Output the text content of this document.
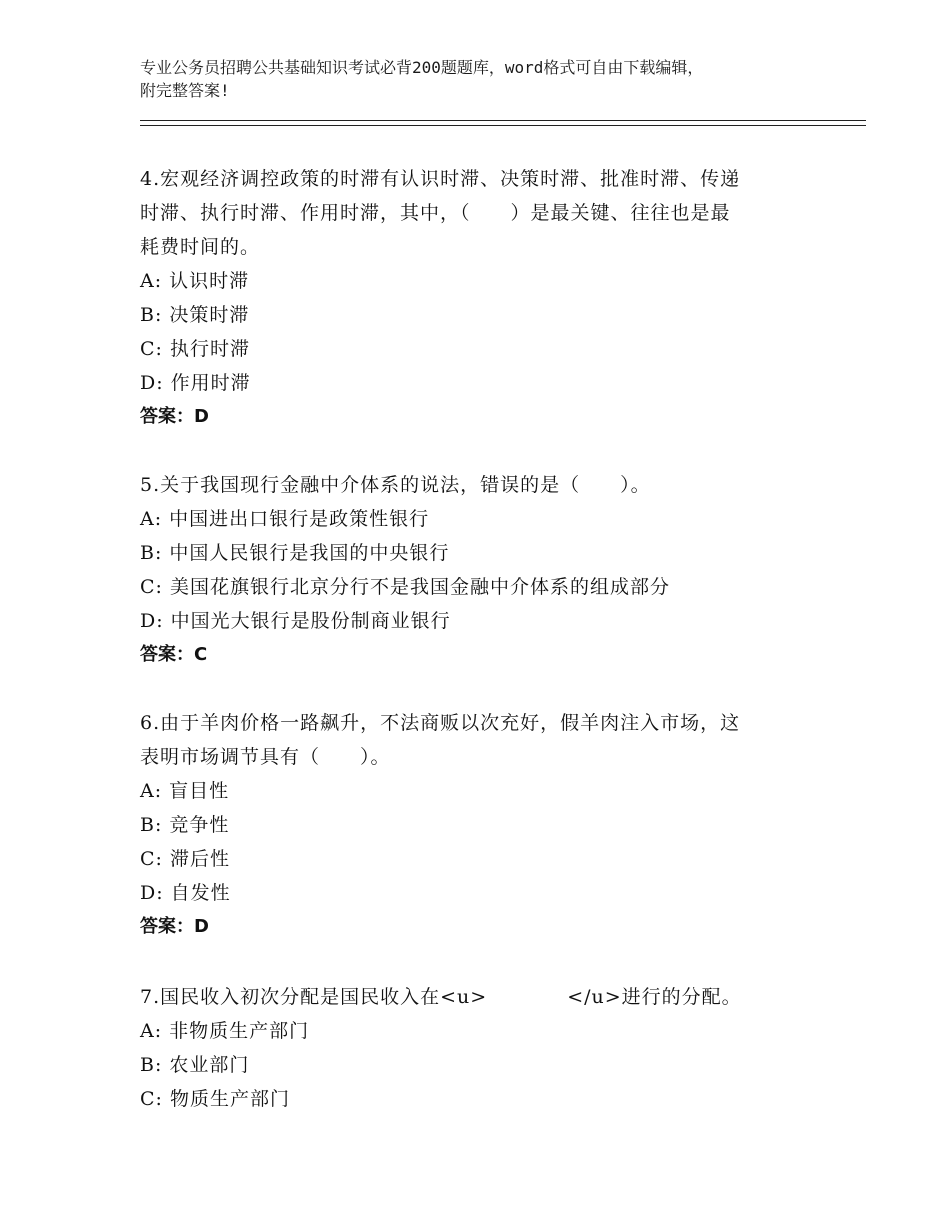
专业公务员招聘公共基础知识考试必背200题题库，word格式可自由下载编辑，
附完整答案!

4.宏观经济调控政策的时滞有认识时滞、决策时滞、批准时滞、传递

时滞、执行时滞、作用时滞，其中，（　　）是最关键、往往也是最

耗费时间的。

A: 认识时滞

B: 决策时滞

C: 执行时滞

D: 作用时滞

答案：D

5.关于我国现行金融中介体系的说法，错误的是（　　）。

A: 中国进出口银行是政策性银行

B: 中国人民银行是我国的中央银行

C: 美国花旗银行北京分行不是我国金融中介体系的组成部分

D: 中国光大银行是股份制商业银行

答案：C

6.由于羊肉价格一路飙升，不法商贩以次充好，假羊肉注入市场，这

表明市场调节具有（　　）。

A: 盲目性

B: 竞争性

C: 滞后性

D: 自发性

答案：D

7.国民收入初次分配是国民收入在<u>　　　　</u>进行的分配。

A: 非物质生产部门

B: 农业部门

C: 物质生产部门
